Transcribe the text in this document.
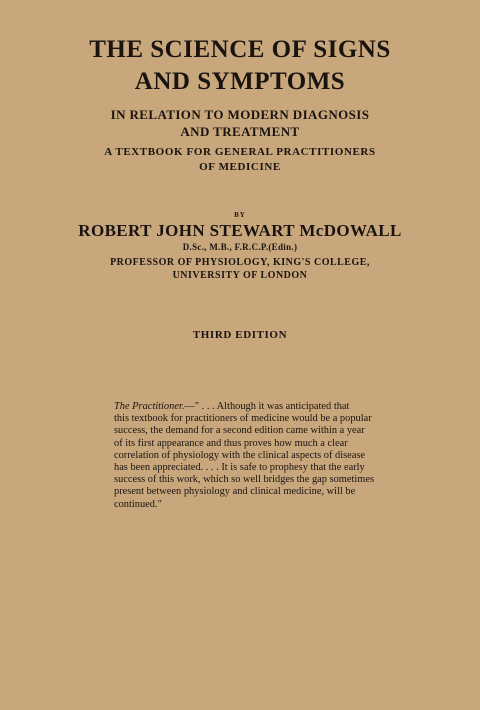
THE SCIENCE OF SIGNS
AND SYMPTOMS
IN RELATION TO MODERN DIAGNOSIS
AND TREATMENT
A TEXTBOOK FOR GENERAL PRACTITIONERS
OF MEDICINE
BY
ROBERT JOHN STEWART McDOWALL
D.Sc., M.B., F.R.C.P.(Edin.)
PROFESSOR OF PHYSIOLOGY, KING'S COLLEGE,
UNIVERSITY OF LONDON
THIRD EDITION
The Practitioner.—" . . . Although it was anticipated that
this textbook for practitioners of medicine would be a popular
success, the demand for a second edition came within a year
of its first appearance and thus proves how much a clear
correlation of physiology with the clinical aspects of disease
has been appreciated. . . . It is safe to prophesy that the early
success of this work, which so well bridges the gap sometimes
present between physiology and clinical medicine, will be
continued."
